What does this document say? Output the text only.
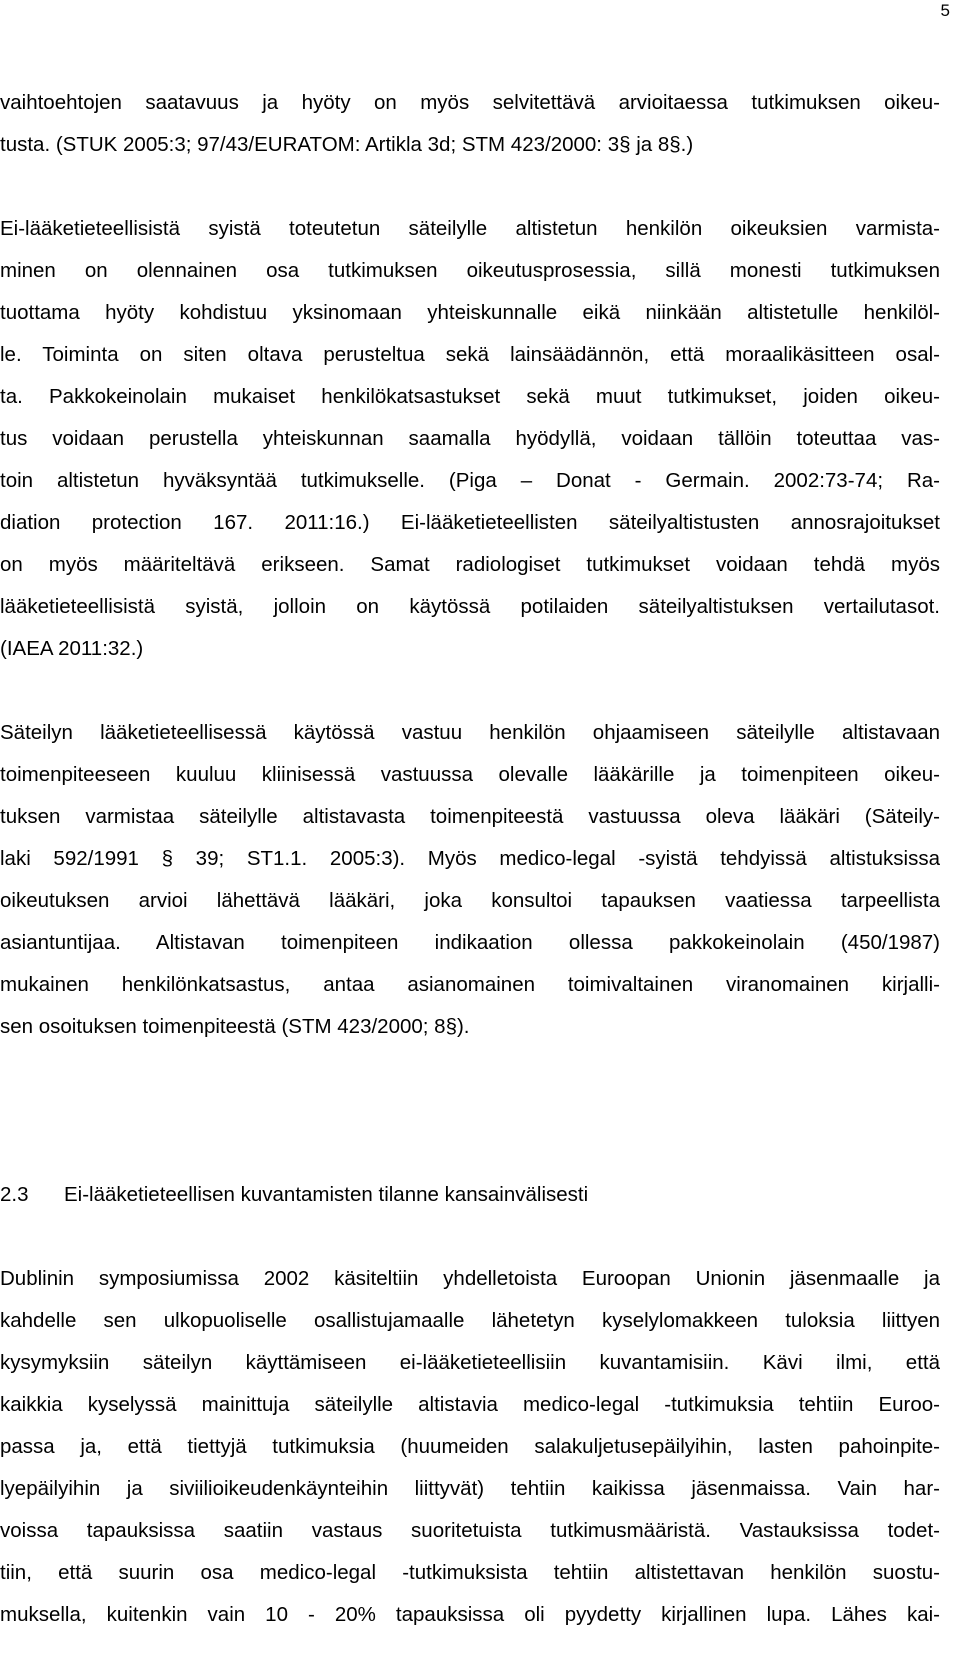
5
vaihtoehtojen saatavuus ja hyöty on myös selvitettävä arvioitaessa tutkimuksen oikeu-
tusta. (STUK 2005:3; 97/43/EURATOM: Artikla 3d; STM 423/2000: 3§ ja 8§.)
Ei-lääketieteellisistä syistä toteutetun säteilylle altistetun henkilön oikeuksien varmista-
minen on olennainen osa tutkimuksen oikeutusprosessia, sillä monesti tutkimuksen
tuottama hyöty kohdistuu yksinomaan yhteiskunnalle eikä niinkään altistetulle henkilöl-
le. Toiminta on siten oltava perusteltua sekä lainsäädännön, että moraalikäsitteen osal-
ta. Pakkokeinolain mukaiset henkilökatsastukset sekä muut tutkimukset, joiden oikeu-
tus voidaan perustella yhteiskunnan saamalla hyödyllä, voidaan tällöin toteuttaa vas-
toin altistetun hyväksyntää tutkimukselle. (Piga – Donat - Germain. 2002:73-74; Ra-
diation protection 167. 2011:16.) Ei-lääketieteellisten säteilyaltistusten annosrajoitukset
on myös määriteltävä erikseen. Samat radiologiset tutkimukset voidaan tehdä myös
lääketieteellisistä syistä, jolloin on käytössä potilaiden säteilyaltistuksen vertailutasot.
(IAEA 2011:32.)
Säteilyn lääketieteellisessä käytössä vastuu henkilön ohjaamiseen säteilylle altistavaan
toimenpiteeseen kuuluu kliinisessä vastuussa olevalle lääkärille ja toimenpiteen oikeu-
tuksen varmistaa säteilylle altistavasta toimenpiteestä vastuussa oleva lääkäri (Säteily-
laki 592/1991 § 39; ST1.1. 2005:3). Myös medico-legal -syistä tehdyissä altistuksissa
oikeutuksen arvioi lähettävä lääkäri, joka konsultoi tapauksen vaatiessa tarpeellista
asiantuntijaa. Altistavan toimenpiteen indikaation ollessa pakkokeinolain (450/1987)
mukainen henkilönkatsastus, antaa asianomainen toimivaltainen viranomainen kirjalli-
sen osoituksen toimenpiteestä (STM 423/2000; 8§).
2.3 Ei-lääketieteellisen kuvantamisten tilanne kansainvälisesti
Dublinin symposiumissa 2002 käsiteltiin yhdelletoista Euroopan Unionin jäsenmaalle ja
kahdelle sen ulkopuoliselle osallistujamaalle lähetetyn kyselylomakkeen tuloksia liittyen
kysymyksiin säteilyn käyttämiseen ei-lääketieteellisiin kuvantamisiin. Kävi ilmi, että
kaikkia kyselyssä mainittuja säteilylle altistavia medico-legal -tutkimuksia tehtiin Euroo-
passa ja, että tiettyjä tutkimuksia (huumeiden salakuljetusepäilyihin, lasten pahoinpite-
lyepäilyihin ja siviilioikeudenkäynteihin liittyvät) tehtiin kaikissa jäsenmaissa. Vain har-
voissa tapauksissa saatiin vastaus suoritetuista tutkimusmääristä. Vastauksissa todet-
tiin, että suurin osa medico-legal -tutkimuksista tehtiin altistettavan henkilön suostu-
muksella, kuitenkin vain 10 - 20% tapauksissa oli pyydetty kirjallinen lupa. Lähes kai-
